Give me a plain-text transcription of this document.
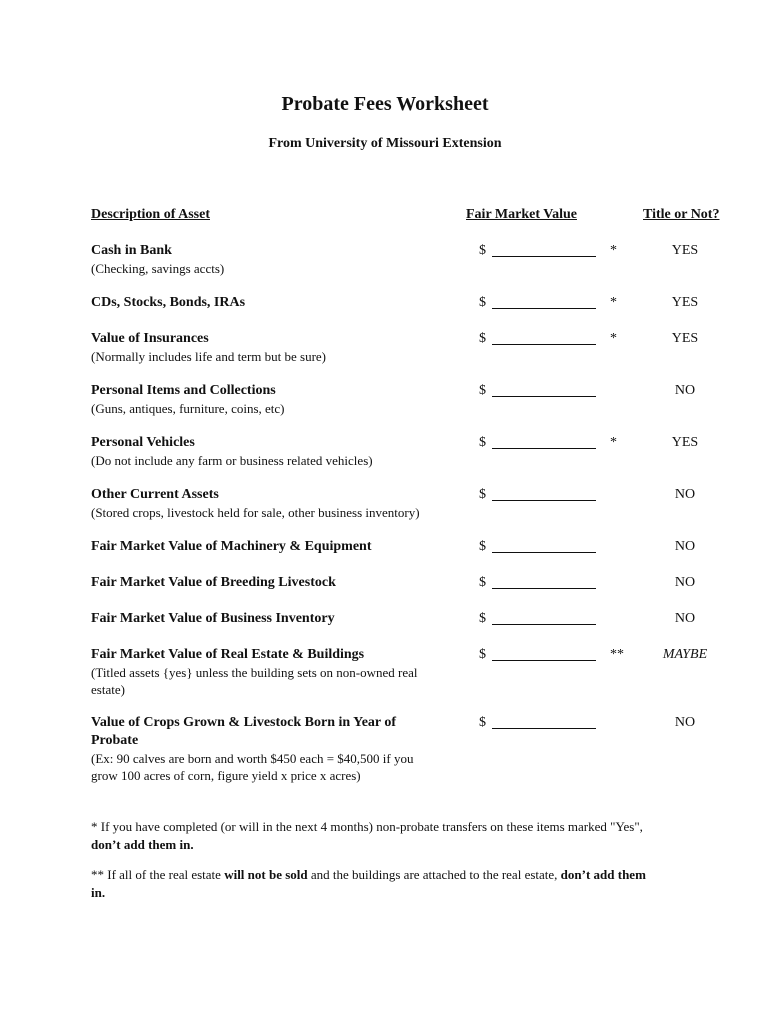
Probate Fees Worksheet
From University of Missouri Extension
Description of Asset	Fair Market Value	Title or Not?
Cash in Bank
(Checking, savings accts)
$	*	YES
CDs, Stocks, Bonds, IRAs	$	*	YES
Value of Insurances
(Normally includes life and term but be sure)
$	*	YES
Personal Items and Collections
(Guns, antiques, furniture, coins, etc)
$	NO
Personal Vehicles
(Do not include any farm or business related vehicles)
$	*	YES
Other Current Assets
(Stored crops, livestock held for sale, other business inventory)
$	NO
Fair Market Value of Machinery & Equipment	$	NO
Fair Market Value of Breeding Livestock	$	NO
Fair Market Value of Business Inventory	$	NO
Fair Market Value of Real Estate & Buildings
(Titled assets {yes} unless the building sets on non-owned real estate)
$	**	MAYBE
Value of Crops Grown & Livestock Born in Year of Probate
(Ex: 90 calves are born and worth $450 each = $40,500 if you grow 100 acres of corn, figure yield x price x acres)
$	NO
* If you have completed (or will in the next 4 months) non-probate transfers on these items marked "Yes", don’t add them in.
** If all of the real estate will not be sold and the buildings are attached to the real estate, don’t add them in.
